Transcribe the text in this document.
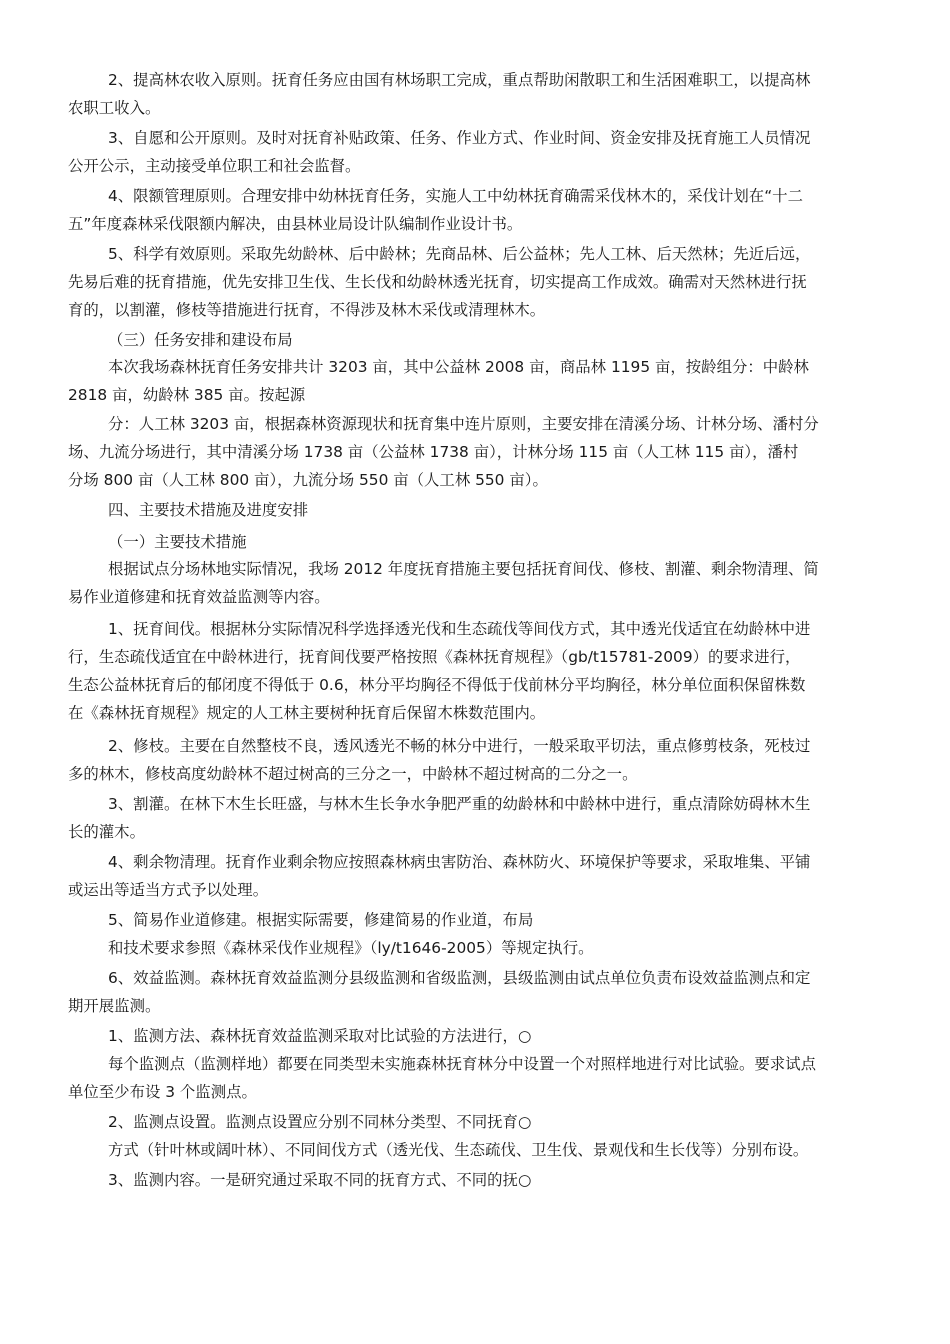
2、提高林农收入原则。抚育任务应由国有林场职工完成，重点帮助闲散职工和生活困难职工，以提高林
农职工收入。
3、自愿和公开原则。及时对抚育补贴政策、任务、作业方式、作业时间、资金安排及抚育施工人员情况
公开公示，主动接受单位职工和社会监督。
4、限额管理原则。合理安排中幼林抚育任务，实施人工中幼林抚育确需采伐林木的，采伐计划在“十二
五”年度森林采伐限额内解决，由县林业局设计队编制作业设计书。
5、科学有效原则。采取先幼龄林、后中龄林；先商品林、后公益林；先人工林、后天然林；先近后远，
先易后难的抚育措施，优先安排卫生伐、生长伐和幼龄林透光抚育，切实提高工作成效。确需对天然林进行抚
育的，以割灌，修枝等措施进行抚育，不得涉及林木采伐或清理林木。
（三）任务安排和建设布局
本次我场森林抚育任务安排共计 3203 亩，其中公益林 2008 亩，商品林 1195 亩，按龄组分：中龄林
2818 亩，幼龄林 385 亩。按起源
分：人工林 3203 亩，根据森林资源现状和抚育集中连片原则，主要安排在清溪分场、计林分场、潘村分
场、九流分场进行，其中清溪分场 1738 亩（公益林 1738 亩），计林分场 115 亩（人工林 115 亩），潘村
分场 800 亩（人工林 800 亩），九流分场 550 亩（人工林 550 亩）。
四、主要技术措施及进度安排
（一）主要技术措施
根据试点分场林地实际情况，我场 2012 年度抚育措施主要包括抚育间伐、修枝、割灌、剩余物清理、简
易作业道修建和抚育效益监测等内容。
1、抚育间伐。根据林分实际情况科学选择透光伐和生态疏伐等间伐方式，其中透光伐适宜在幼龄林中进
行，生态疏伐适宜在中龄林进行，抚育间伐要严格按照《森林抚育规程》（gb/t15781-2009）的要求进行，
生态公益林抚育后的郁闭度不得低于 0.6，林分平均胸径不得低于伐前林分平均胸径，林分单位面积保留株数
在《森林抚育规程》规定的人工林主要树种抚育后保留木株数范围内。
2、修枝。主要在自然整枝不良，透风透光不畅的林分中进行，一般采取平切法，重点修剪枝条，死枝过
多的林木，修枝高度幼龄林不超过树高的三分之一，中龄林不超过树高的二分之一。
3、割灌。在林下木生长旺盛，与林木生长争水争肥严重的幼龄林和中龄林中进行，重点清除妨碍林木生
长的灌木。
4、剩余物清理。抚育作业剩余物应按照森林病虫害防治、森林防火、环境保护等要求，采取堆集、平铺
或运出等适当方式予以处理。
5、简易作业道修建。根据实际需要，修建简易的作业道，布局
和技术要求参照《森林采伐作业规程》（ly/t1646-2005）等规定执行。
6、效益监测。森林抚育效益监测分县级监测和省级监测，县级监测由试点单位负责布设效益监测点和定
期开展监测。
1、监测方法、森林抚育效益监测采取对比试验的方法进行，○
每个监测点（监测样地）都要在同类型未实施森林抚育林分中设置一个对照样地进行对比试验。要求试点
单位至少布设 3 个监测点。
2、监测点设置。监测点设置应分别不同林分类型、不同抚育○
方式（针叶林或阔叶林）、不同间伐方式（透光伐、生态疏伐、卫生伐、景观伐和生长伐等）分别布设。
3、监测内容。一是研究通过采取不同的抚育方式、不同的抚○
